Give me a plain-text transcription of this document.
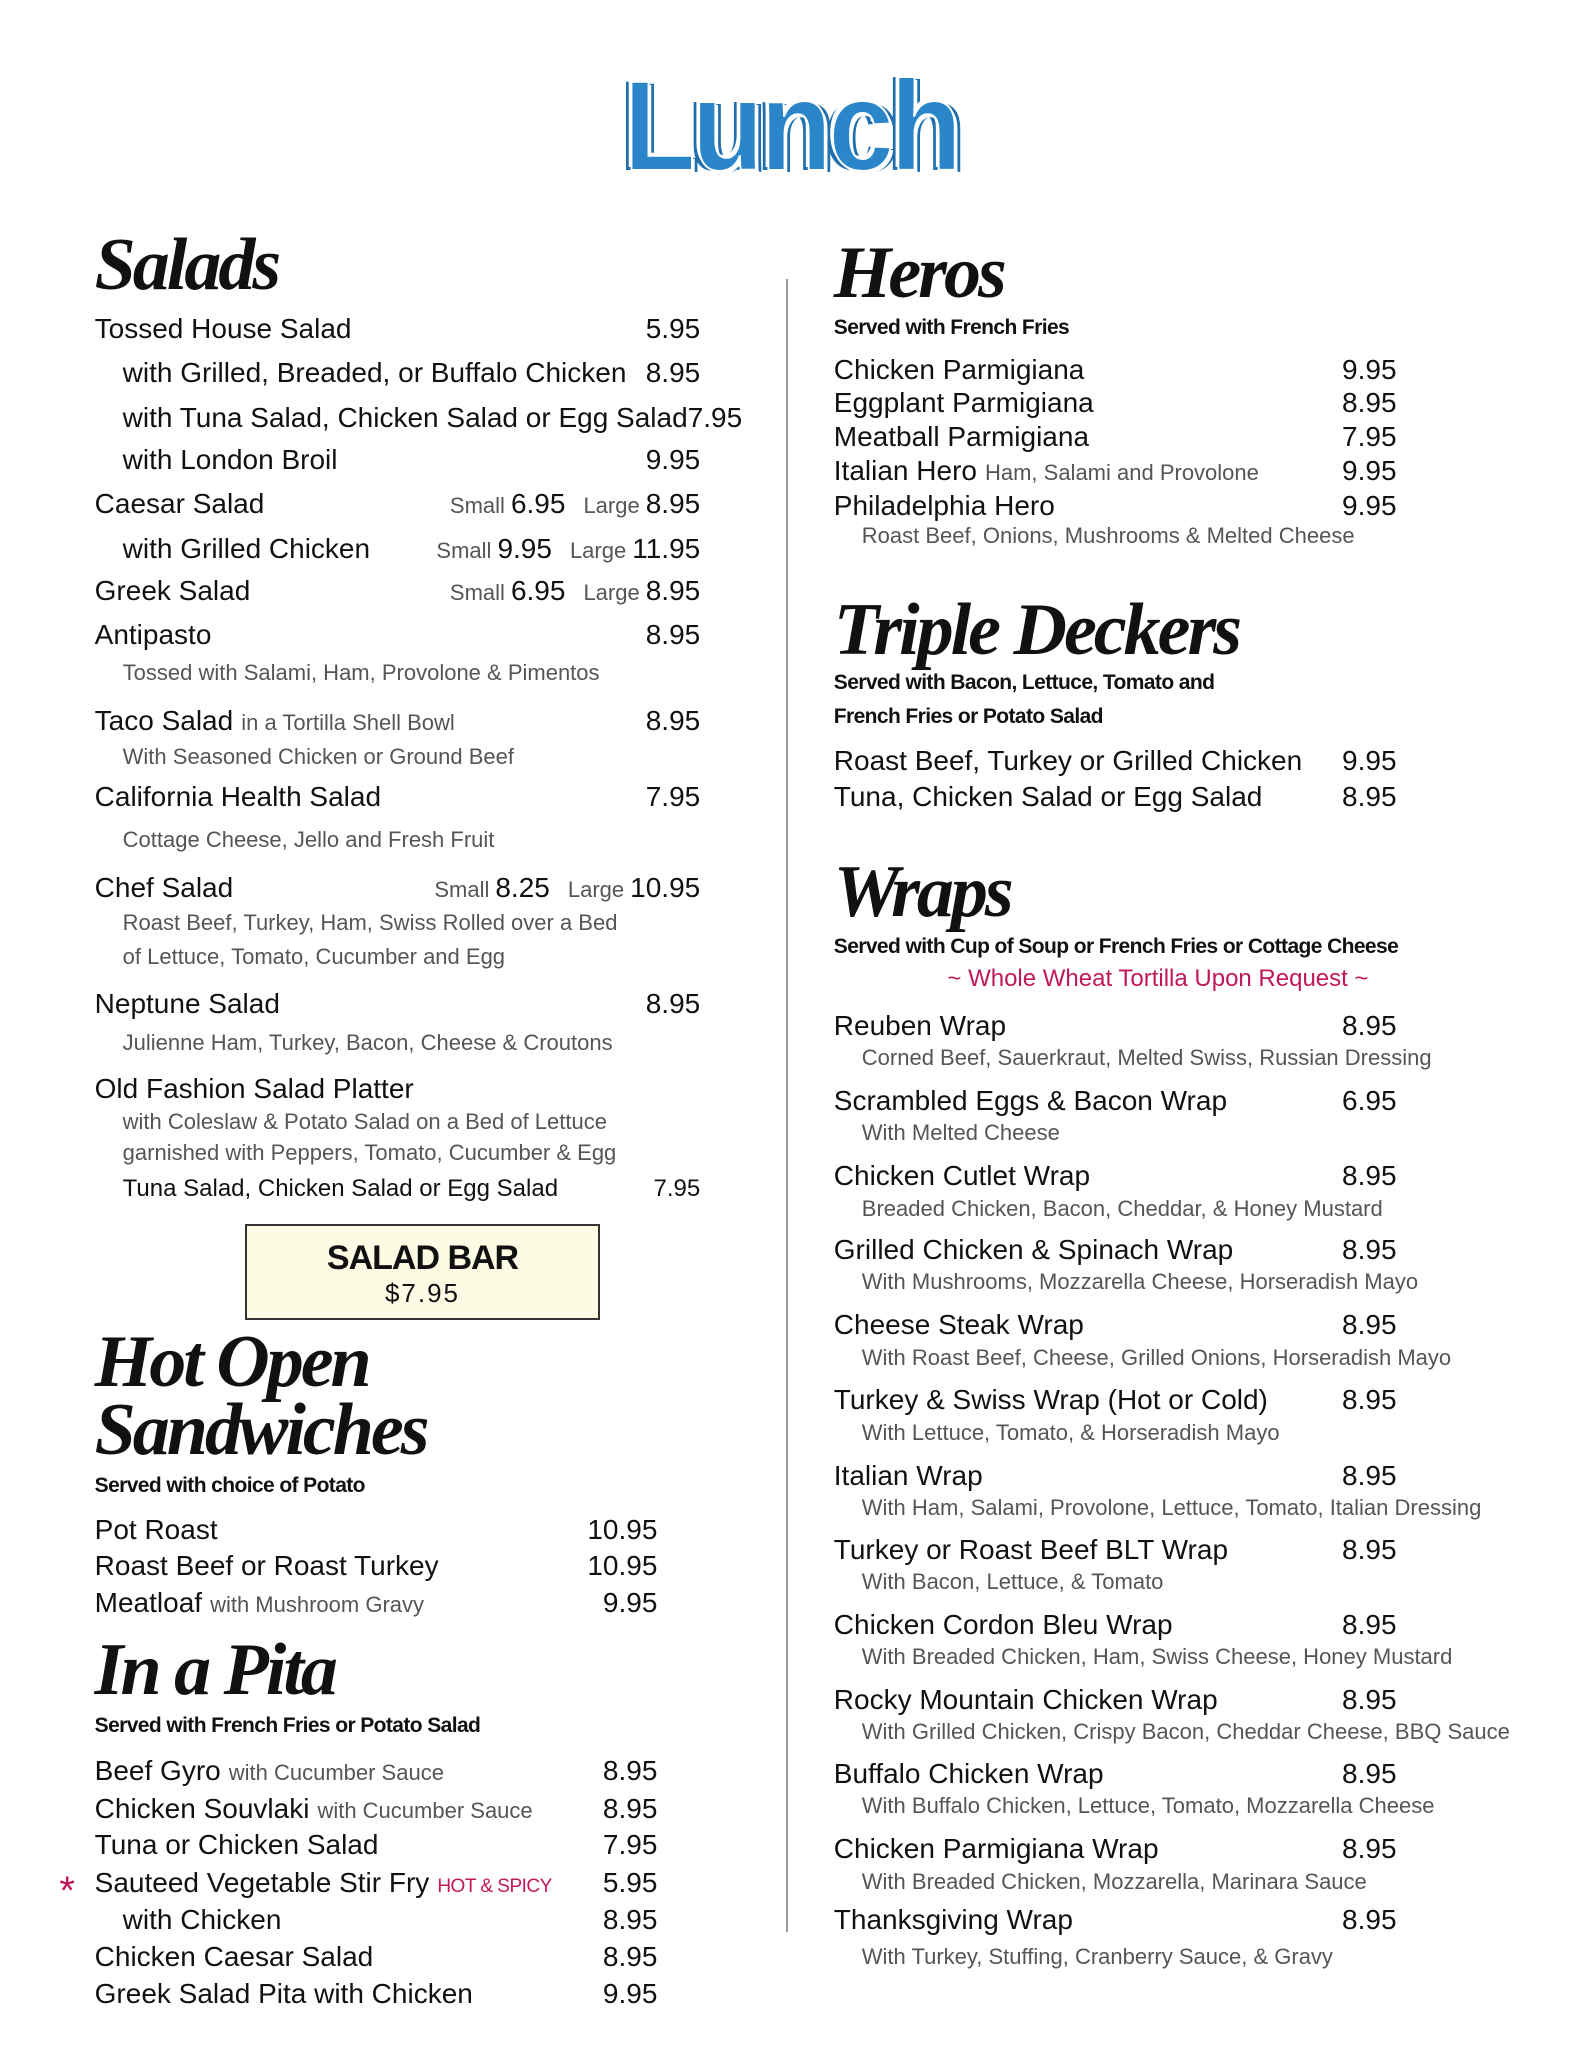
Lunch
SALAD BAR
$7.95
Salads
Tossed House Salad	5.95
with Grilled, Breaded, or Buffalo Chicken 8.95
with Tuna Salad, Chicken Salad or Egg Salad 7.95
with London Broil	9.95
Caesar Salad	Small 6.95 Large 8.95
with Grilled Chicken	Small 9.95 Large 11.95
Greek Salad	Small 6.95 Large 8.95
Antipasto	8.95
Tossed with Salami, Ham, Provolone & Pimentos
Taco Salad in a Tortilla Shell Bowl	8.95
With Seasoned Chicken or Ground Beef
California Health Salad	7.95
Cottage Cheese, Jello and Fresh Fruit
Chef Salad	Small 8.25 Large 10.95
Roast Beef, Turkey, Ham, Swiss Rolled over a Bed
of Lettuce, Tomato, Cucumber and Egg
Neptune Salad	8.95
Julienne Ham, Turkey, Bacon, Cheese & Croutons
Old Fashion Salad Platter
with Coleslaw & Potato Salad on a Bed of Lettuce
garnished with Peppers, Tomato, Cucumber & Egg
Tuna Salad, Chicken Salad or Egg Salad	7.95
Hot Open
Sandwiches
Served with choice of Potato
Pot Roast	10.95
Roast Beef or Roast Turkey	10.95
Meatloaf with Mushroom Gravy	9.95
In a Pita
Served with French Fries or Potato Salad
Beef Gyro with Cucumber Sauce	8.95
Chicken Souvlaki with Cucumber Sauce	8.95
Tuna or Chicken Salad	7.95
Sauteed Vegetable Stir Fry HOT & SPICY 5.95
*
with Chicken	8.95
Chicken Caesar Salad	8.95
Greek Salad Pita with Chicken	9.95
Heros
Served with French Fries
Chicken Parmigiana	9.95
Eggplant Parmigiana	8.95
Meatball Parmigiana	7.95
Italian Hero Ham, Salami and Provolone	9.95
Philadelphia Hero	9.95
Roast Beef, Onions, Mushrooms & Melted Cheese
Triple Deckers
Served with Bacon, Lettuce, Tomato and
French Fries or Potato Salad
Roast Beef, Turkey or Grilled Chicken 9.95
Tuna, Chicken Salad or Egg Salad	8.95
Wraps
Served with Cup of Soup or French Fries or Cottage Cheese
~ Whole Wheat Tortilla Upon Request ~
Reuben Wrap	8.95
Corned Beef, Sauerkraut, Melted Swiss, Russian Dressing
Scrambled Eggs & Bacon Wrap	6.95
With Melted Cheese
Chicken Cutlet Wrap	8.95
Breaded Chicken, Bacon, Cheddar, & Honey Mustard
Grilled Chicken & Spinach Wrap	8.95
With Mushrooms, Mozzarella Cheese, Horseradish Mayo
Cheese Steak Wrap	8.95
With Roast Beef, Cheese, Grilled Onions, Horseradish Mayo
Turkey & Swiss Wrap (Hot or Cold)	8.95
With Lettuce, Tomato, & Horseradish Mayo
Italian Wrap	8.95
With Ham, Salami, Provolone, Lettuce, Tomato, Italian Dressing
Turkey or Roast Beef BLT Wrap	8.95
With Bacon, Lettuce, & Tomato
Chicken Cordon Bleu Wrap	8.95
With Breaded Chicken, Ham, Swiss Cheese, Honey Mustard
Rocky Mountain Chicken Wrap	8.95
With Grilled Chicken, Crispy Bacon, Cheddar Cheese, BBQ Sauce
Buffalo Chicken Wrap	8.95
With Buffalo Chicken, Lettuce, Tomato, Mozzarella Cheese
Chicken Parmigiana Wrap	8.95
With Breaded Chicken, Mozzarella, Marinara Sauce
Thanksgiving Wrap	8.95
With Turkey, Stuffing, Cranberry Sauce, & Gravy
